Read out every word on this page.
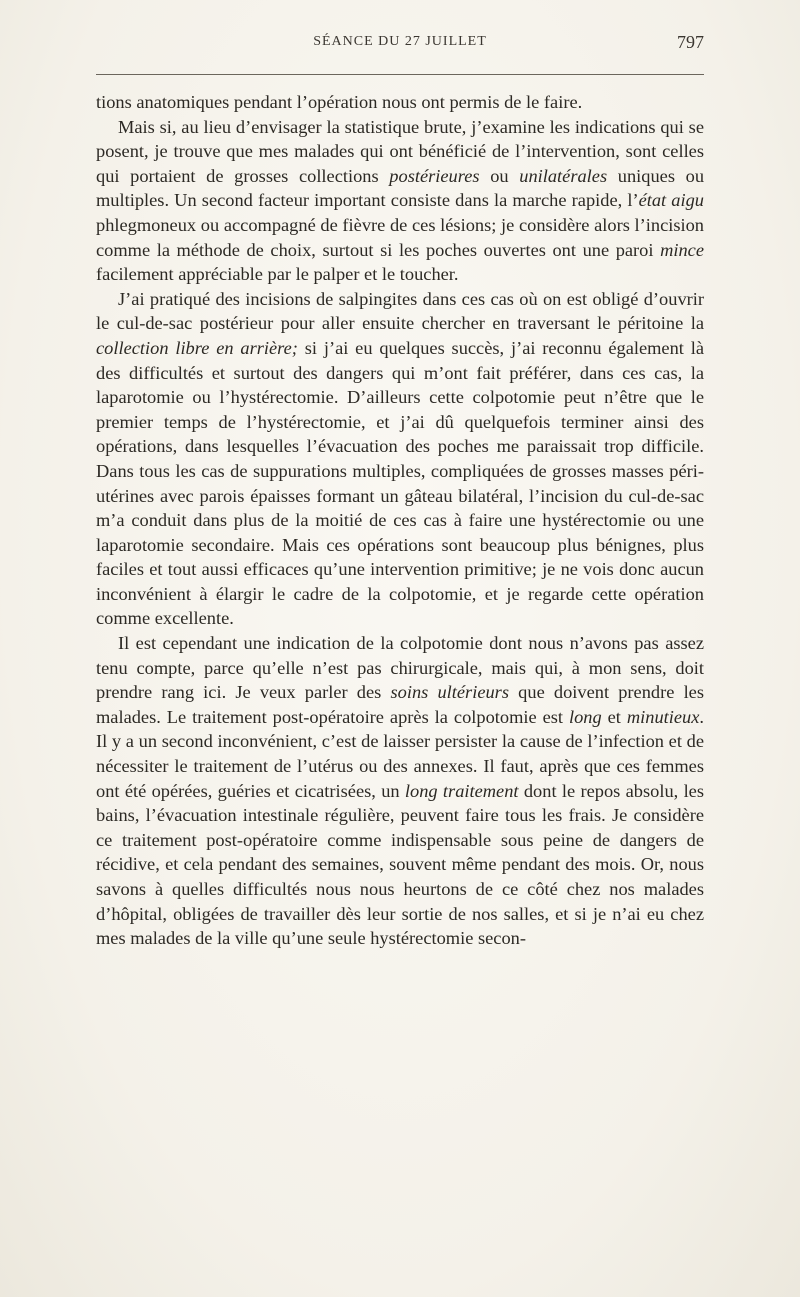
SÉANCE DU 27 JUILLET	797

tions anatomiques pendant l’opération nous ont permis de le faire.

Mais si, au lieu d’envisager la statistique brute, j’examine les indications qui se posent, je trouve que mes malades qui ont bénéficié de l’intervention, sont celles qui portaient de grosses collections postérieures ou unilatérales uniques ou multiples. Un second facteur important consiste dans la marche rapide, l’état aigu phlegmoneux ou accompagné de fièvre de ces lésions; je considère alors l’incision comme la méthode de choix, surtout si les poches ouvertes ont une paroi mince facilement appréciable par le palper et le toucher.

J’ai pratiqué des incisions de salpingites dans ces cas où on est obligé d’ouvrir le cul-de-sac postérieur pour aller ensuite chercher en traversant le péritoine la collection libre en arrière; si j’ai eu quelques succès, j’ai reconnu également là des difficultés et surtout des dangers qui m’ont fait préférer, dans ces cas, la laparotomie ou l’hystérectomie. D’ailleurs cette colpotomie peut n’être que le premier temps de l’hystérectomie, et j’ai dû quelquefois terminer ainsi des opérations, dans lesquelles l’évacuation des poches me paraissait trop difficile. Dans tous les cas de suppurations multiples, compliquées de grosses masses péri-utérines avec parois épaisses formant un gâteau bilatéral, l’incision du cul-de-sac m’a conduit dans plus de la moitié de ces cas à faire une hystérectomie ou une laparotomie secondaire. Mais ces opérations sont beaucoup plus bénignes, plus faciles et tout aussi efficaces qu’une intervention primitive; je ne vois donc aucun inconvénient à élargir le cadre de la colpotomie, et je regarde cette opération comme excellente.

Il est cependant une indication de la colpotomie dont nous n’avons pas assez tenu compte, parce qu’elle n’est pas chirurgicale, mais qui, à mon sens, doit prendre rang ici. Je veux parler des soins ultérieurs que doivent prendre les malades. Le traitement post-opératoire après la colpotomie est long et minutieux. Il y a un second inconvénient, c’est de laisser persister la cause de l’infection et de nécessiter le traitement de l’utérus ou des annexes. Il faut, après que ces femmes ont été opérées, guéries et cicatrisées, un long traitement dont le repos absolu, les bains, l’évacuation intestinale régulière, peuvent faire tous les frais. Je considère ce traitement post-opératoire comme indispensable sous peine de dangers de récidive, et cela pendant des semaines, souvent même pendant des mois. Or, nous savons à quelles difficultés nous nous heurtons de ce côté chez nos malades d’hôpital, obligées de travailler dès leur sortie de nos salles, et si je n’ai eu chez mes malades de la ville qu’une seule hystérectomie secon-
